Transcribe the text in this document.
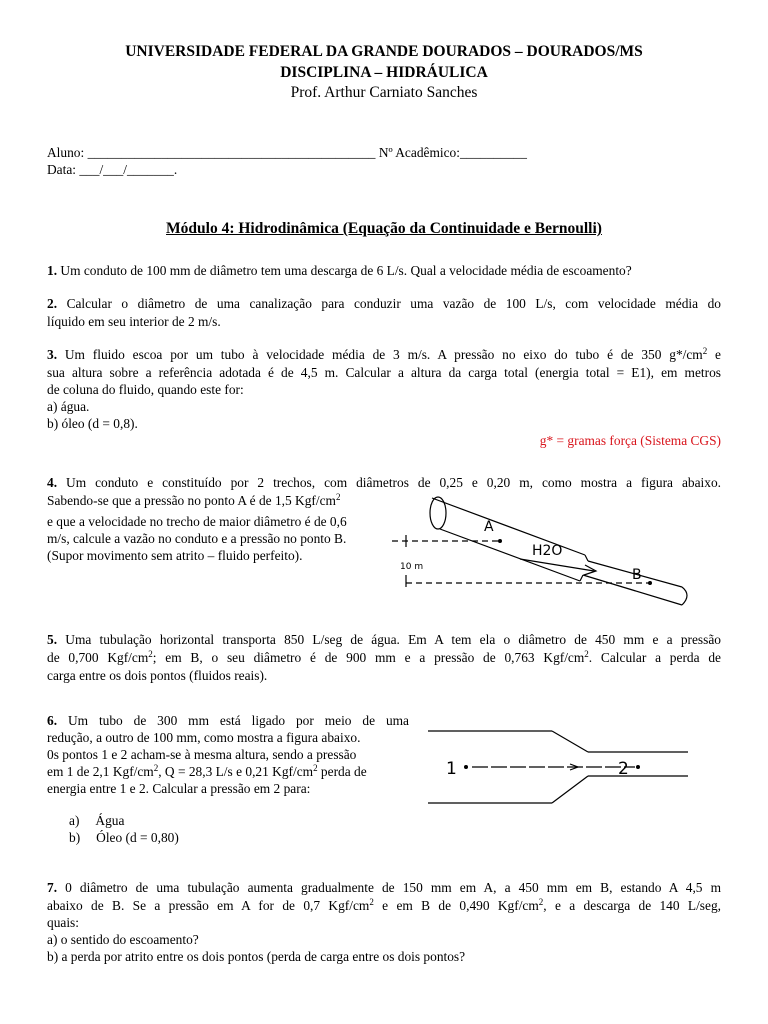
UNIVERSIDADE FEDERAL DA GRANDE DOURADOS – DOURADOS/MS
DISCIPLINA – HIDRÁULICA
Prof. Arthur Carniato Sanches
Aluno: ___________________________________________ Nº Acadêmico:__________
Data: ___/___/_______.
Módulo 4: Hidrodinâmica (Equação da Continuidade e Bernoulli)
1. Um conduto de 100 mm de diâmetro tem uma descarga de 6 L/s. Qual a velocidade média de escoamento?
2. Calcular o diâmetro de uma canalização para conduzir uma vazão de 100 L/s, com velocidade média do
líquido em seu interior de 2 m/s.
3. Um fluido escoa por um tubo à velocidade média de 3 m/s. A pressão no eixo do tubo é de 350 $g*/cm^2$ e
sua altura sobre a referência adotada é de 4,5 m. Calcular a altura da carga total (energia total = E1), em metros
de coluna do fluido, quando este for:
a) água.
b) óleo (d = 0,8).
g* = gramas força (Sistema CGS)
4. Um conduto e constituído por 2 trechos, com diâmetros de 0,25 e 0,20 m, como mostra a figura abaixo.
Sabendo-se que a pressão no ponto A é de 1,5 Kgf/$cm^2$
e que a velocidade no trecho de maior diâmetro é de 0,6
m/s, calcule a vazão no conduto e a pressão no ponto B.
(Supor movimento sem atrito – fluido perfeito).
A
B
H2O
10 m
5. Uma tubulação horizontal transporta 850 L/seg de água. Em A tem ela o diâmetro de 450 mm e a pressão
de 0,700 Kgf/$cm^2$; em B, o seu diâmetro é de 900 mm e a pressão de 0,763 Kgf/$cm^2$. Calcular a perda de
carga entre os dois pontos (fluidos reais).
6. Um tubo de 300 mm está ligado por meio de uma
redução, a outro de 100 mm, como mostra a figura abaixo.
0s pontos 1 e 2 acham-se à mesma altura, sendo a pressão
em 1 de 2,1 Kgf/$cm^2$, Q = 28,3 L/s e 0,21 Kgf/$cm^2$ perda de
energia entre 1 e 2. Calcular a pressão em 2 para:
a) Água
b) Óleo (d = 0,80)
1	2
7. 0 diâmetro de uma tubulação aumenta gradualmente de 150 mm em A, a 450 mm em B, estando A 4,5 m
abaixo de B. Se a pressão em A for de 0,7 Kgf/$cm^2$ e em B de 0,490 Kgf/$cm^2$, e a descarga de 140 L/seg,
quais:
a) o sentido do escoamento?
b) a perda por atrito entre os dois pontos (perda de carga entre os dois pontos?
